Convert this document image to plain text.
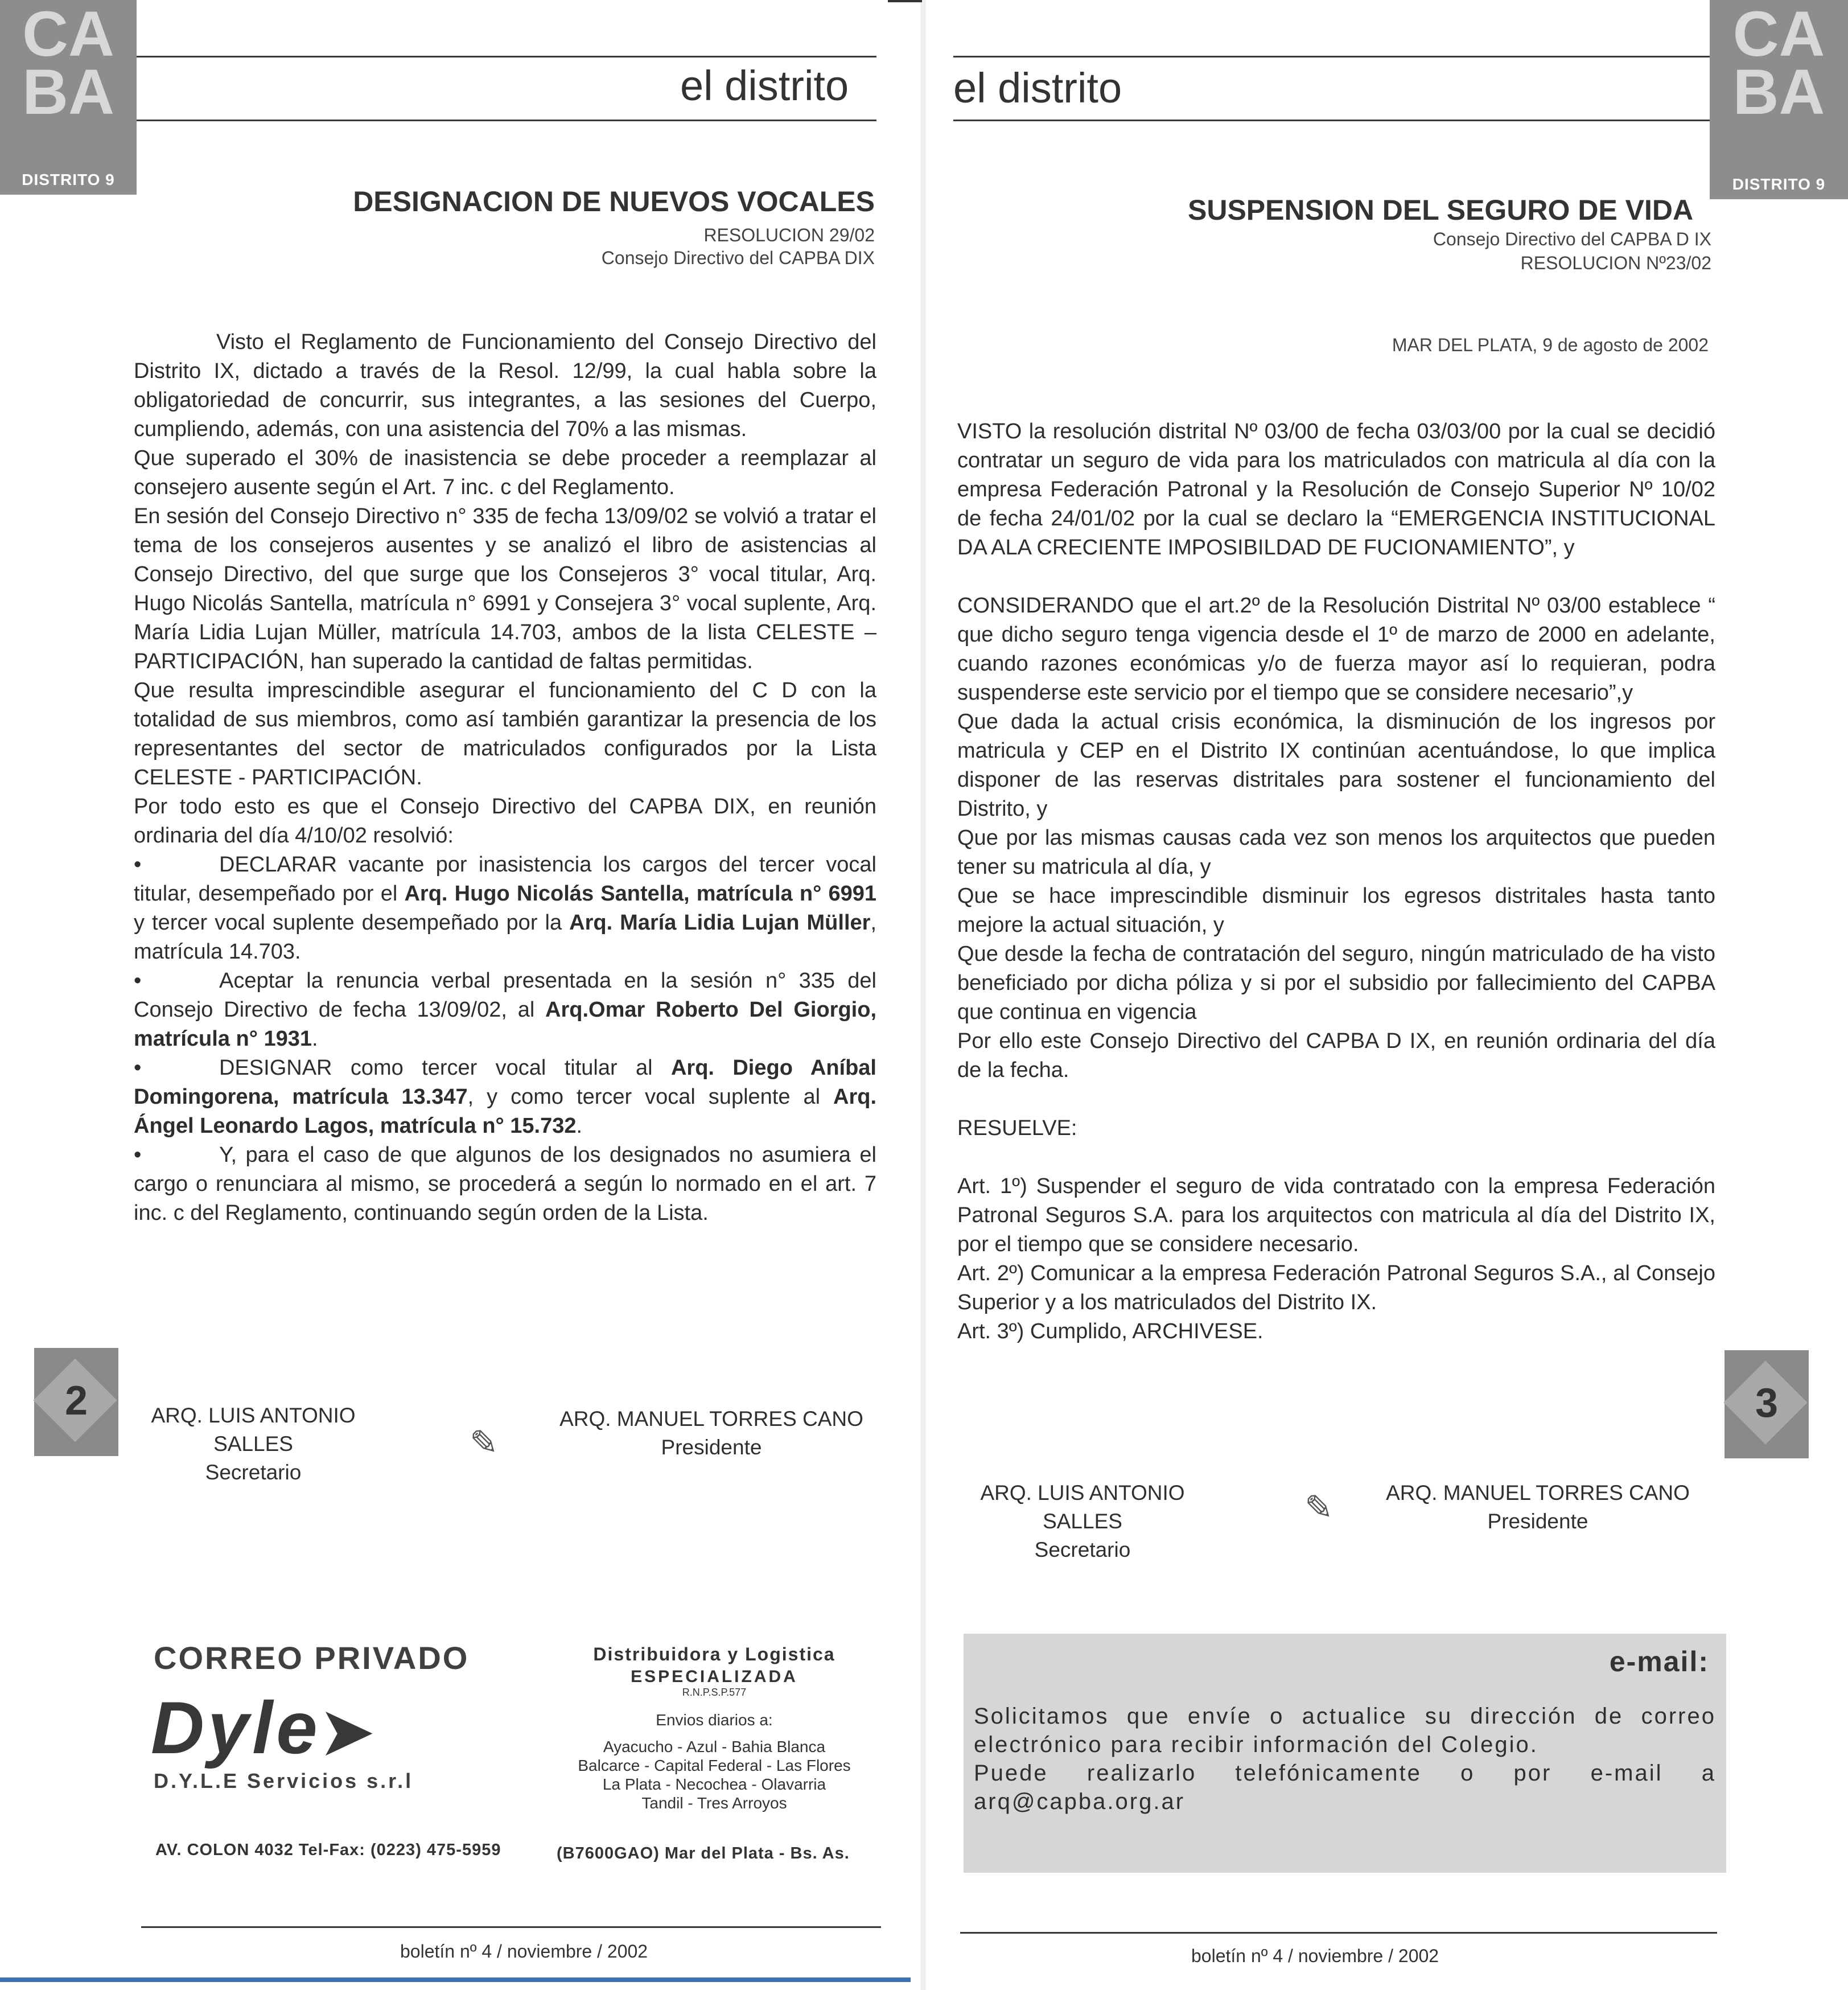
CA
BA
DISTRITO 9
el distrito
DESIGNACION DE NUEVOS VOCALES
RESOLUCION 29/02
Consejo Directivo del CAPBA DIX

Visto el Reglamento de Funcionamiento del Consejo Directivo del Distrito IX, dictado a través de la Resol. 12/99, la cual habla sobre la obligatoriedad de concurrir, sus integrantes, a las sesiones del Cuerpo, cumpliendo, además, con una asistencia del 70% a las mismas.

Que superado el 30% de inasistencia se debe proceder a reemplazar al consejero ausente según el Art. 7 inc. c del Reglamento.

En sesión del Consejo Directivo n° 335 de fecha 13/09/02 se volvió a tratar el tema de los consejeros ausentes y se analizó el libro de asistencias al Consejo Directivo, del que surge que los Consejeros 3° vocal titular, Arq. Hugo Nicolás Santella, matrícula n° 6991 y Consejera 3° vocal suplente, Arq. María Lidia Lujan Müller, matrícula 14.703, ambos de la lista CELESTE – PARTICIPACIÓN, han superado la cantidad de faltas permitidas.

Que resulta imprescindible asegurar el funcionamiento del C D con la totalidad de sus miembros, como así también garantizar la presencia de los representantes del sector de matriculados configurados por la Lista CELESTE - PARTICIPACIÓN.

Por todo esto es que el Consejo Directivo del CAPBA DIX, en reunión ordinaria del día 4/10/02 resolvió:

•	DECLARAR vacante por inasistencia los cargos del tercer vocal titular, desempeñado por el Arq. Hugo Nicolás Santella, matrícula n° 6991 y tercer vocal suplente desempeñado por la Arq. María Lidia Lujan Müller, matrícula 14.703.

•	Aceptar la renuncia verbal presentada en la sesión n° 335 del Consejo Directivo de fecha 13/09/02, al Arq.Omar Roberto Del Giorgio, matrícula n° 1931.

•	DESIGNAR como tercer vocal titular al Arq. Diego Aníbal Domingorena, matrícula 13.347, y como tercer vocal suplente al Arq. Ángel Leonardo Lagos, matrícula n° 15.732.

•	Y, para el caso de que algunos de los designados no asumiera el cargo o renunciara al mismo, se procederá a según lo normado en el art. 7 inc. c del Reglamento, continuando según orden de la Lista.

2	ARQ. LUIS ANTONIO SALLES
Secretario
✎
ARQ. MANUEL TORRES CANO
Presidente
CORREO PRIVADO
Dyle➤
D.Y.L.E Servicios s.r.l
Distribuidora y Logistica
ESPECIALIZADA
R.N.P.S.P.577
Envios diarios a:
Ayacucho - Azul - Bahia Blanca
Balcarce - Capital Federal - Las Flores
La Plata - Necochea - Olavarria
Tandil - Tres Arroyos
AV. COLON 4032 Tel-Fax: (0223) 475-5959	(B7600GAO) Mar del Plata - Bs. As.
boletín nº 4 / noviembre / 2002
el distrito
CA
BA
DISTRITO 9
SUSPENSION DEL SEGURO DE VIDA
Consejo Directivo del CAPBA D IX
RESOLUCION Nº23/02
MAR DEL PLATA, 9 de agosto de 2002

VISTO la resolución distrital Nº 03/00 de fecha 03/03/00 por la cual se decidió contratar un seguro de vida para los matriculados con matricula al día con la empresa Federación Patronal y la Resolución de Consejo Superior Nº 10/02 de fecha 24/01/02 por la cual se declaro la “EMERGENCIA INSTITUCIONAL DA ALA CRECIENTE IMPOSIBILDAD DE FUCIONAMIENTO”, y

CONSIDERANDO que el art.2º de la Resolución Distrital Nº 03/00 establece “ que dicho seguro tenga vigencia desde el 1º de marzo de 2000 en adelante, cuando razones económicas y/o de fuerza mayor así lo requieran, podra suspenderse este servicio por el tiempo que se considere necesario”,y

Que dada la actual crisis económica, la disminución de los ingresos por matricula y CEP en el Distrito IX continúan acentuándose, lo que implica disponer de las reservas distritales para sostener el funcionamiento del Distrito, y

Que por las mismas causas cada vez son menos los arquitectos que pueden tener su matricula al día, y

Que se hace imprescindible disminuir los egresos distritales hasta tanto mejore la actual situación, y

Que desde la fecha de contratación del seguro, ningún matriculado de ha visto beneficiado por dicha póliza y si por el subsidio por fallecimiento del CAPBA que continua en vigencia

Por ello este Consejo Directivo del CAPBA D IX, en reunión ordinaria del día de la fecha.

RESUELVE:

Art. 1º) Suspender el seguro de vida contratado con la empresa Federación Patronal Seguros S.A. para los arquitectos con matricula al día del Distrito IX, por el tiempo que se considere necesario.

Art. 2º) Comunicar a la empresa Federación Patronal Seguros S.A., al Consejo Superior y a los matriculados del Distrito IX.

Art. 3º) Cumplido, ARCHIVESE.

3
ARQ. LUIS ANTONIO SALLES
Secretario
✎	ARQ. MANUEL TORRES CANO
Presidente
e-mail:

Solicitamos que envíe o actualice su dirección de correo electrónico para recibir información del Colegio.

Puede realizarlo telefónicamente o por e-mail a arq@capba.org.ar

boletín nº 4 / noviembre / 2002
